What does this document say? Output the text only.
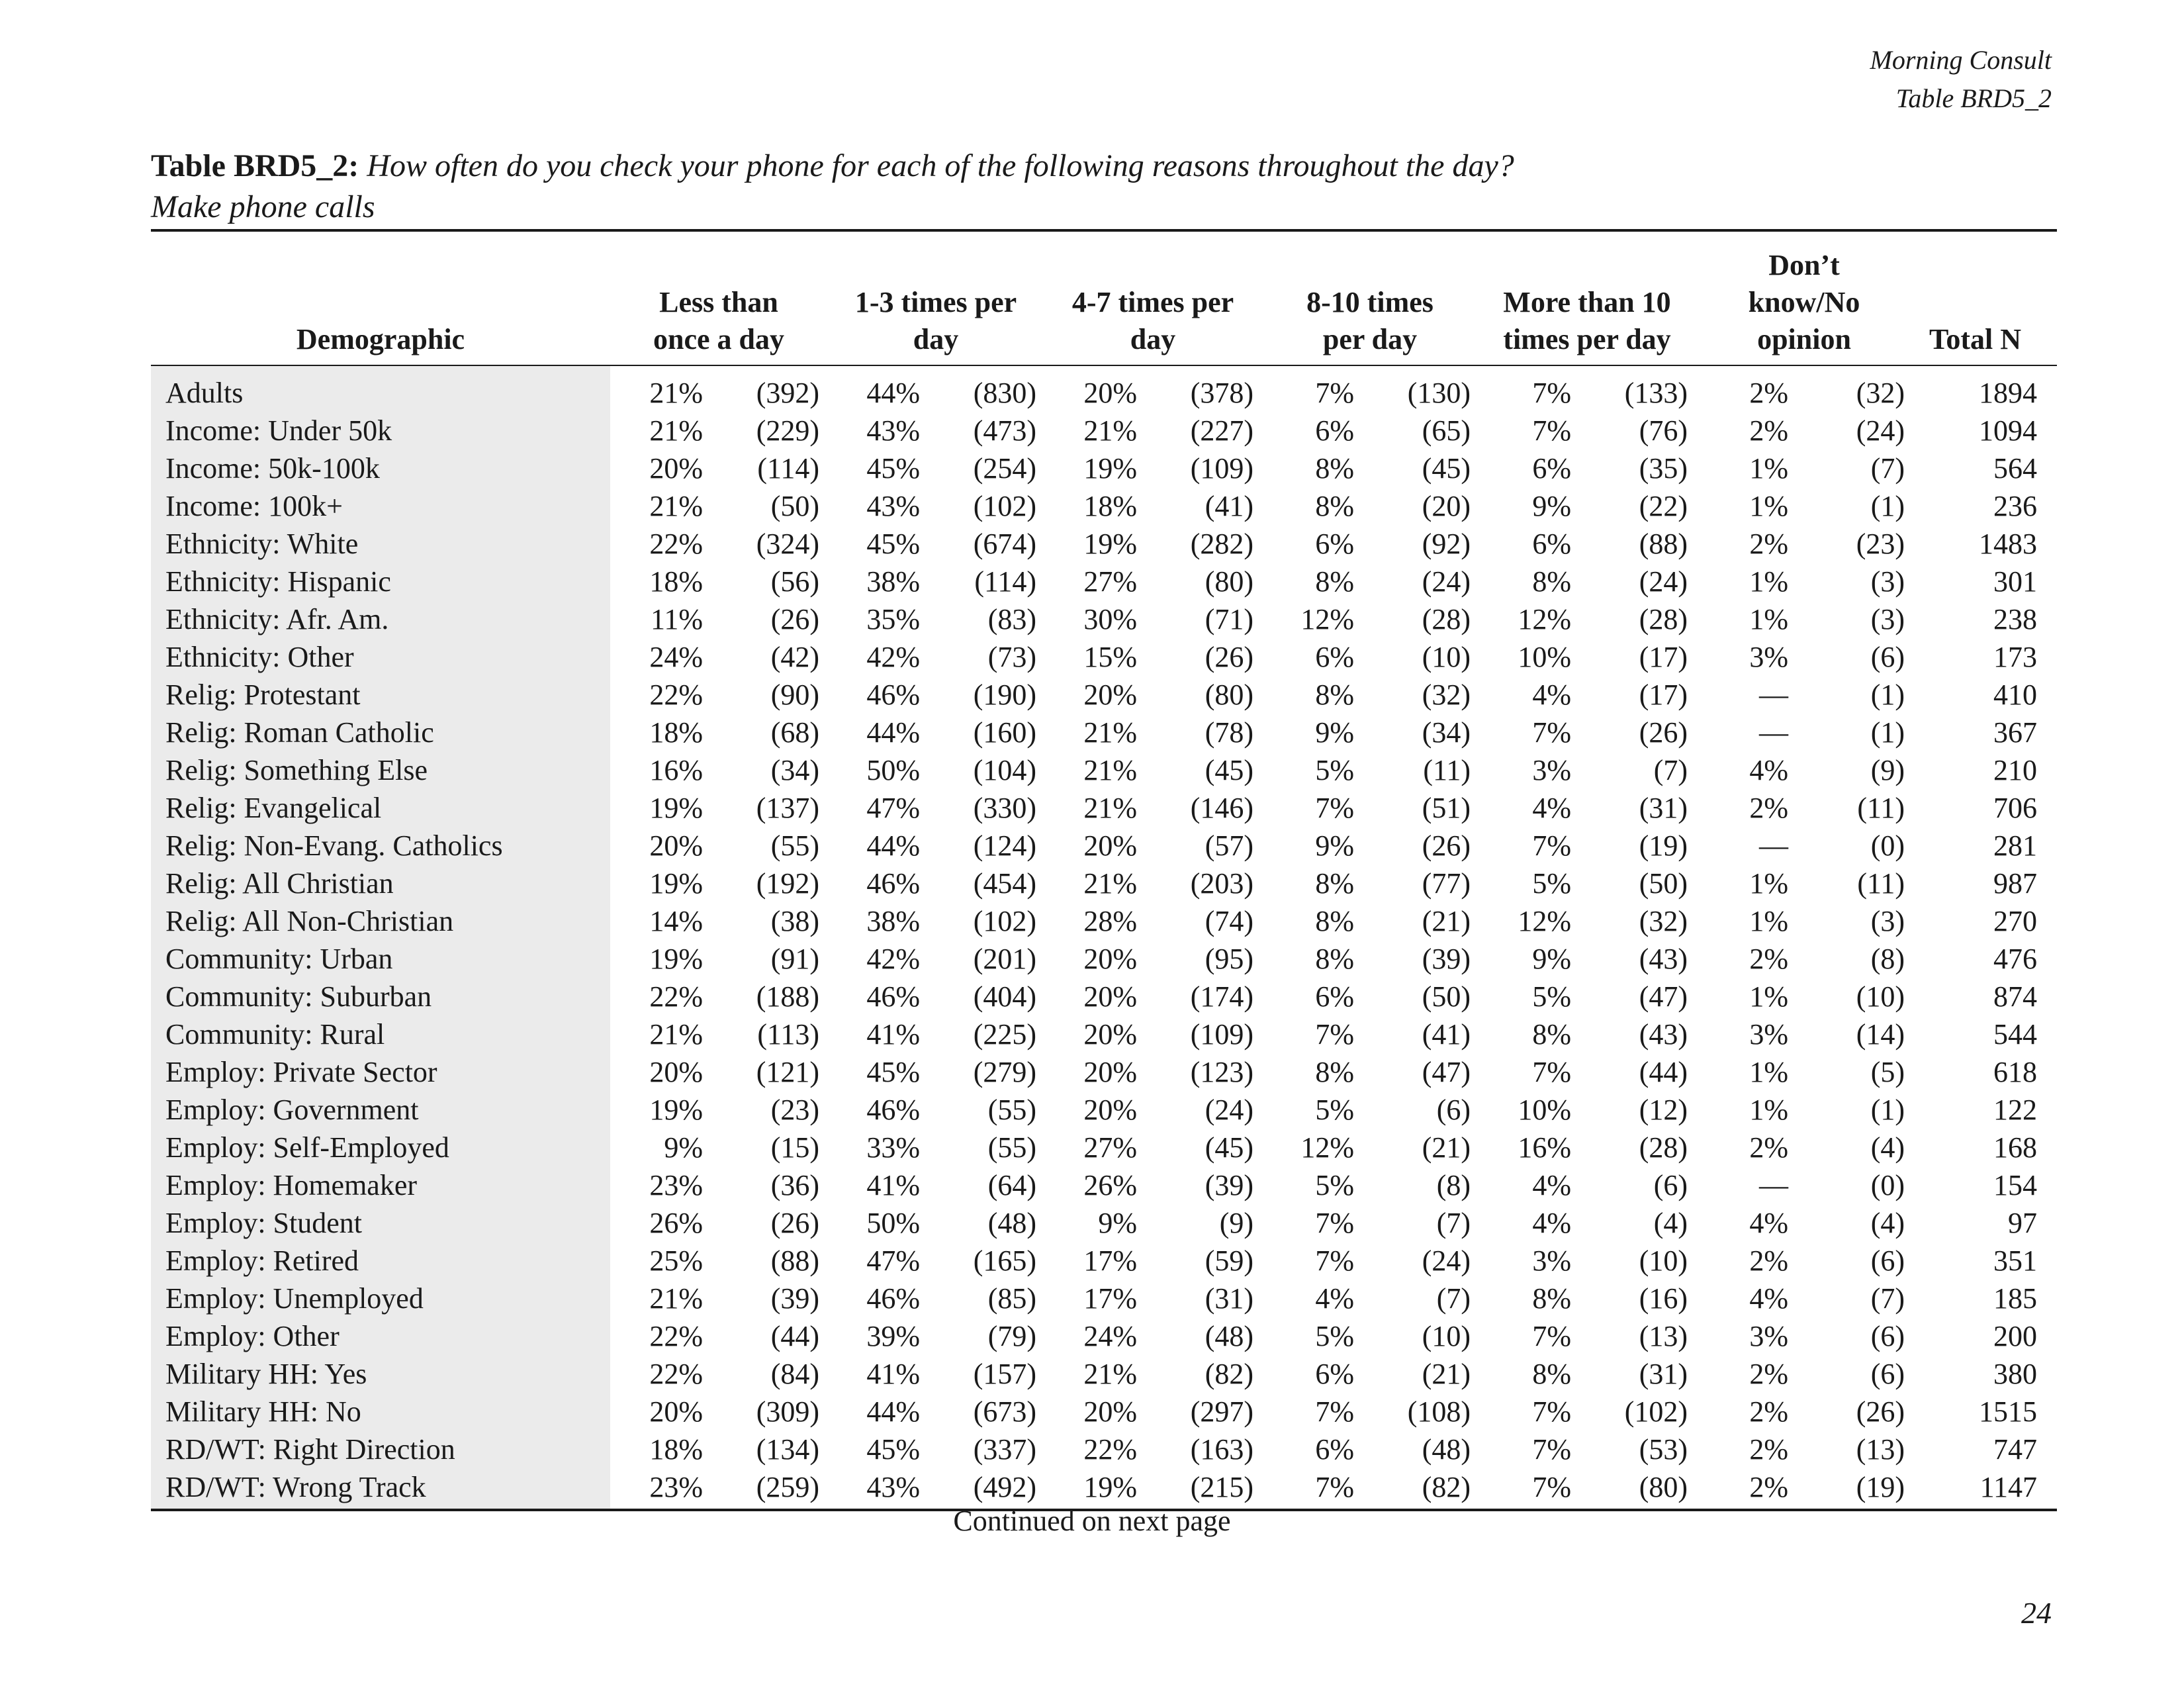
Morning Consult
Table BRD5_2
Table BRD5_2: How often do you check your phone for each of the following reasons throughout the day?
Make phone calls
Demographic	Less than once a day		1-3 times per day		4-7 times per day		8-10 times per day		More than 10 times per day		Don’t know/No opinion		Total N
Adults	21%	(392)	44%	(830)	20%	(378)	7%	(130)	7%	(133)	2%	(32)	1894
Income: Under 50k	21%	(229)	43%	(473)	21%	(227)	6%	(65)	7%	(76)	2%	(24)	1094
Income: 50k-100k	20%	(114)	45%	(254)	19%	(109)	8%	(45)	6%	(35)	1%	(7)	564
Income: 100k+	21%	(50)	43%	(102)	18%	(41)	8%	(20)	9%	(22)	1%	(1)	236
Ethnicity: White	22%	(324)	45%	(674)	19%	(282)	6%	(92)	6%	(88)	2%	(23)	1483
Ethnicity: Hispanic	18%	(56)	38%	(114)	27%	(80)	8%	(24)	8%	(24)	1%	(3)	301
Ethnicity: Afr. Am.	11%	(26)	35%	(83)	30%	(71)	12%	(28)	12%	(28)	1%	(3)	238
Ethnicity: Other	24%	(42)	42%	(73)	15%	(26)	6%	(10)	10%	(17)	3%	(6)	173
Relig: Protestant	22%	(90)	46%	(190)	20%	(80)	8%	(32)	4%	(17)	—	(1)	410
Relig: Roman Catholic	18%	(68)	44%	(160)	21%	(78)	9%	(34)	7%	(26)	—	(1)	367
Relig: Something Else	16%	(34)	50%	(104)	21%	(45)	5%	(11)	3%	(7)	4%	(9)	210
Relig: Evangelical	19%	(137)	47%	(330)	21%	(146)	7%	(51)	4%	(31)	2%	(11)	706
Relig: Non-Evang. Catholics	20%	(55)	44%	(124)	20%	(57)	9%	(26)	7%	(19)	—	(0)	281
Relig: All Christian	19%	(192)	46%	(454)	21%	(203)	8%	(77)	5%	(50)	1%	(11)	987
Relig: All Non-Christian	14%	(38)	38%	(102)	28%	(74)	8%	(21)	12%	(32)	1%	(3)	270
Community: Urban	19%	(91)	42%	(201)	20%	(95)	8%	(39)	9%	(43)	2%	(8)	476
Community: Suburban	22%	(188)	46%	(404)	20%	(174)	6%	(50)	5%	(47)	1%	(10)	874
Community: Rural	21%	(113)	41%	(225)	20%	(109)	7%	(41)	8%	(43)	3%	(14)	544
Employ: Private Sector	20%	(121)	45%	(279)	20%	(123)	8%	(47)	7%	(44)	1%	(5)	618
Employ: Government	19%	(23)	46%	(55)	20%	(24)	5%	(6)	10%	(12)	1%	(1)	122
Employ: Self-Employed	9%	(15)	33%	(55)	27%	(45)	12%	(21)	16%	(28)	2%	(4)	168
Employ: Homemaker	23%	(36)	41%	(64)	26%	(39)	5%	(8)	4%	(6)	—	(0)	154
Employ: Student	26%	(26)	50%	(48)	9%	(9)	7%	(7)	4%	(4)	4%	(4)	97
Employ: Retired	25%	(88)	47%	(165)	17%	(59)	7%	(24)	3%	(10)	2%	(6)	351
Employ: Unemployed	21%	(39)	46%	(85)	17%	(31)	4%	(7)	8%	(16)	4%	(7)	185
Employ: Other	22%	(44)	39%	(79)	24%	(48)	5%	(10)	7%	(13)	3%	(6)	200
Military HH: Yes	22%	(84)	41%	(157)	21%	(82)	6%	(21)	8%	(31)	2%	(6)	380
Military HH: No	20%	(309)	44%	(673)	20%	(297)	7%	(108)	7%	(102)	2%	(26)	1515
RD/WT: Right Direction	18%	(134)	45%	(337)	22%	(163)	6%	(48)	7%	(53)	2%	(13)	747
RD/WT: Wrong Track	23%	(259)	43%	(492)	19%	(215)	7%	(82)	7%	(80)	2%	(19)	1147
Continued on next page
24
